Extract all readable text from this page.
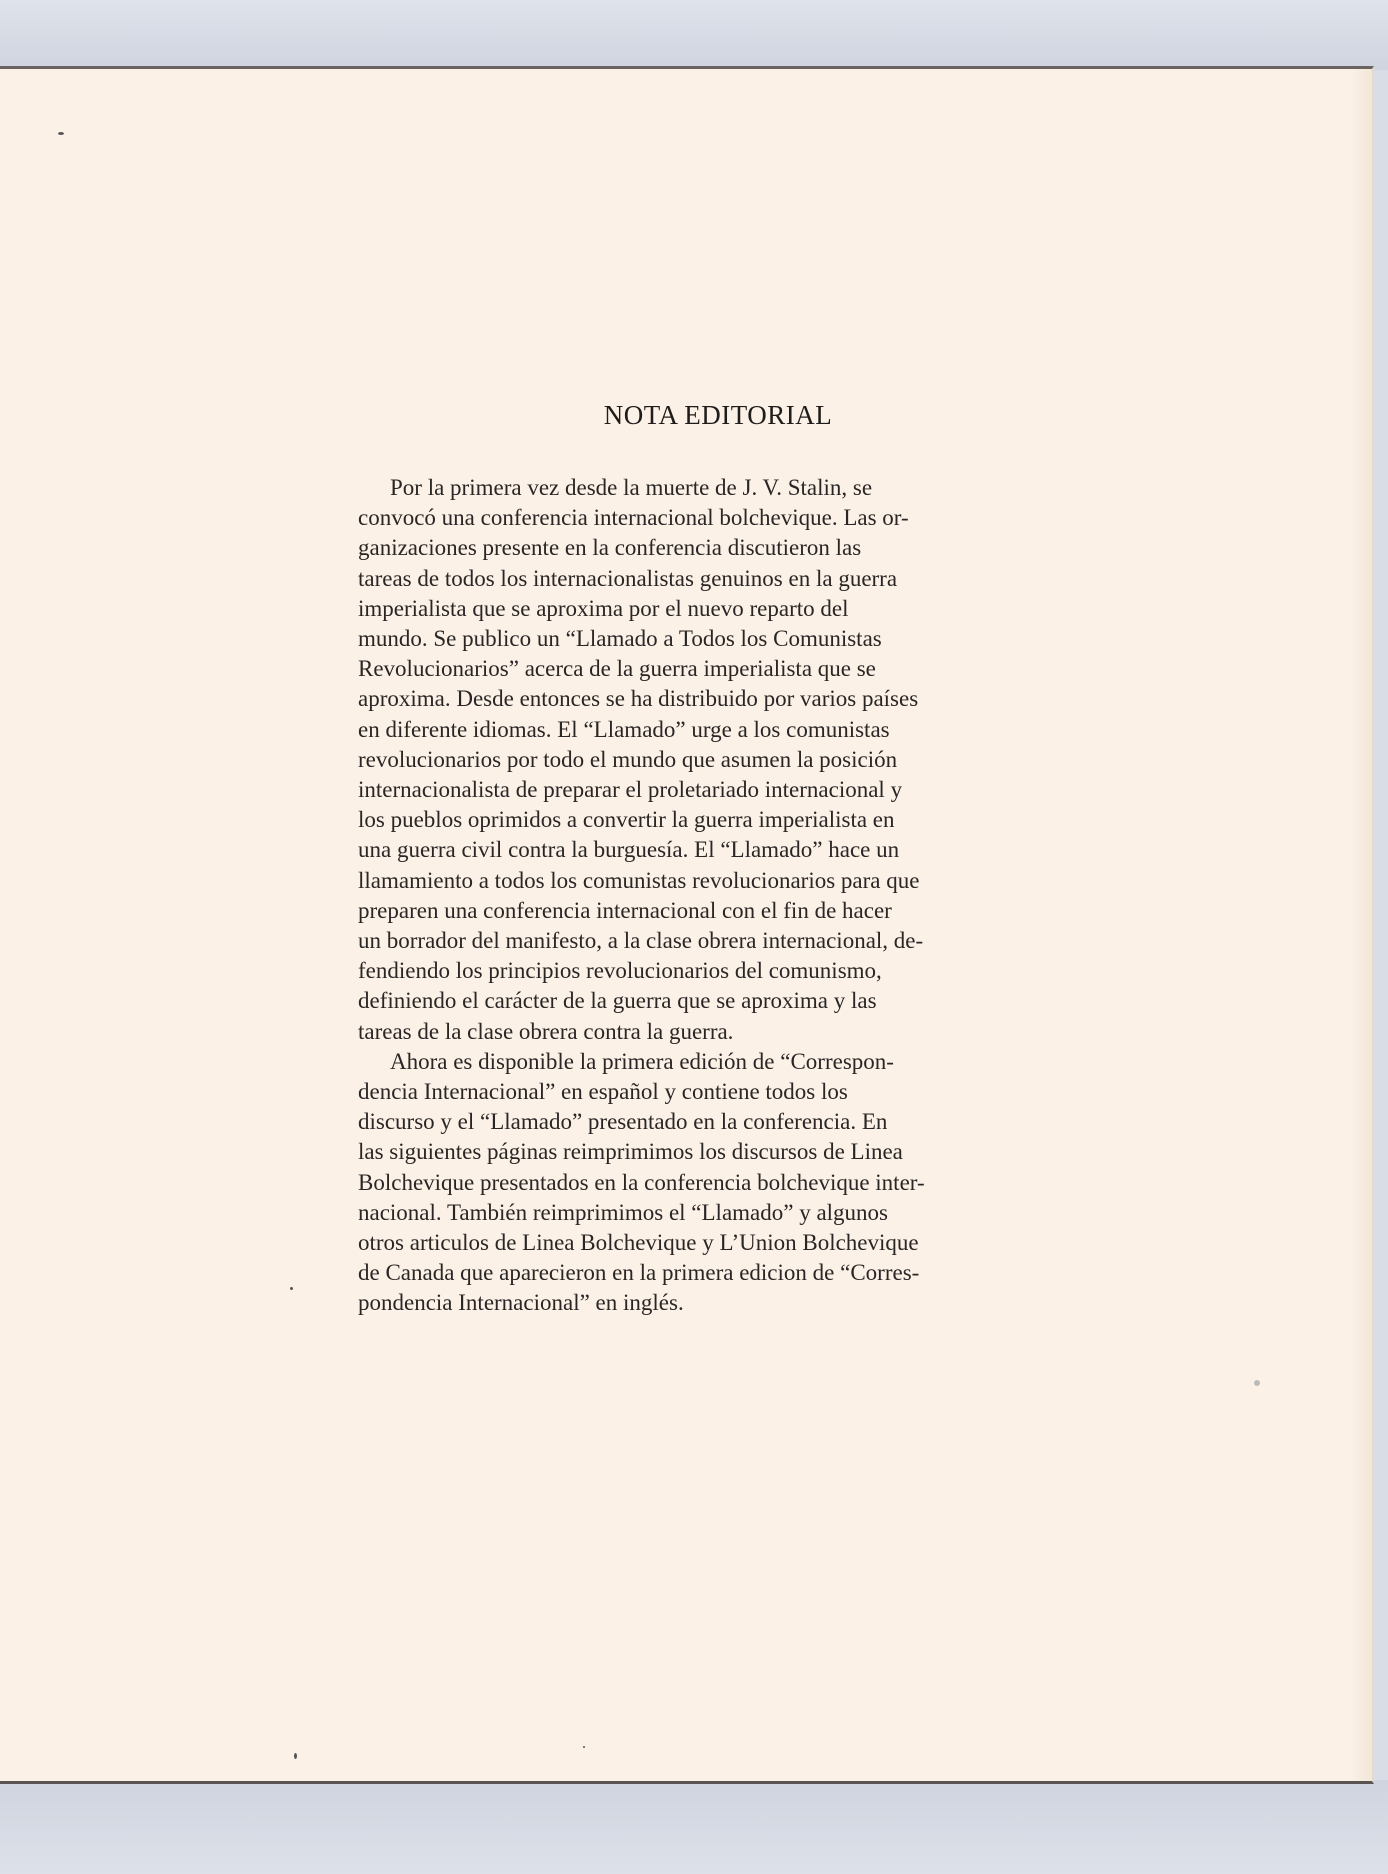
NOTA EDITORIAL

Por la primera vez desde la muerte de J. V. Stalin, se
convocó una conferencia internacional bolchevique. Las or-
ganizaciones presente en la conferencia discutieron las
tareas de todos los internacionalistas genuinos en la guerra
imperialista que se aproxima por el nuevo reparto del
mundo. Se publico un “Llamado a Todos los Comunistas
Revolucionarios” acerca de la guerra imperialista que se
aproxima. Desde entonces se ha distribuido por varios países
en diferente idiomas. El “Llamado” urge a los comunistas
revolucionarios por todo el mundo que asumen la posición
internacionalista de preparar el proletariado internacional y
los pueblos oprimidos a convertir la guerra imperialista en
una guerra civil contra la burguesía. El “Llamado” hace un
llamamiento a todos los comunistas revolucionarios para que
preparen una conferencia internacional con el fin de hacer
un borrador del manifesto, a la clase obrera internacional, de-
fendiendo los principios revolucionarios del comunismo,
definiendo el carácter de la guerra que se aproxima y las
tareas de la clase obrera contra la guerra.

Ahora es disponible la primera edición de “Correspon-
dencia Internacional” en español y contiene todos los
discurso y el “Llamado” presentado en la conferencia. En
las siguientes páginas reimprimimos los discursos de Linea
Bolchevique presentados en la conferencia bolchevique inter-
nacional. También reimprimimos el “Llamado” y algunos
otros articulos de Linea Bolchevique y L’Union Bolchevique
de Canada que aparecieron en la primera edicion de “Corres-
pondencia Internacional” en inglés.
